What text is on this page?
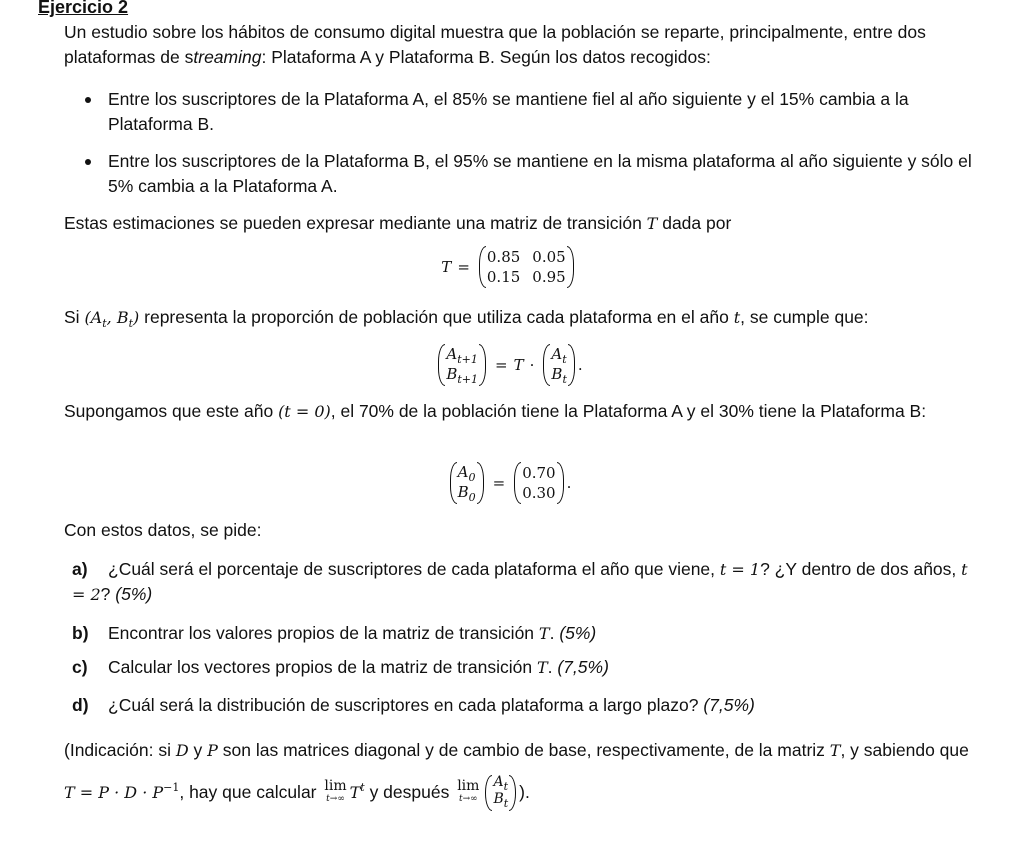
Ejercicio 2
Un estudio sobre los hábitos de consumo digital muestra que la población se reparte, principalmente, entre dos plataformas de streaming: Plataforma A y Plataforma B. Según los datos recogidos:
Entre los suscriptores de la Plataforma A, el 85% se mantiene fiel al año siguiente y el 15% cambia a la Plataforma B.
Entre los suscriptores de la Plataforma B, el 95% se mantiene en la misma plataforma al año siguiente y sólo el 5% cambia a la Plataforma A.
Estas estimaciones se pueden expresar mediante una matriz de transición T dada por
T =
0.85
0.15
0.05
0.95
Si ($A_t$, $B_t$) representa la proporción de población que utiliza cada plataforma en el año t, se cumple que:
$A_{t+1}$
$B_{t+1}$
= T ·
$A_t$
$B_t$
.
Supongamos que este año (t = 0), el 70% de la población tiene la Plataforma A y el 30% tiene la Plataforma B:
$A_0$
$B_0$
=
0.70
0.30
.
Con estos datos, se pide:
a) ¿Cuál será el porcentaje de suscriptores de cada plataforma el año que viene, t = 1? ¿Y dentro de dos años, t = 2? (5%)
b) Encontrar los valores propios de la matriz de transición T. (5%)
c) Calcular los vectores propios de la matriz de transición T. (7,5%)
d) ¿Cuál será la distribución de suscriptores en cada plataforma a largo plazo? (7,5%)
(Indicación: si D y P son las matrices diagonal y de cambio de base, respectivamente, de la matriz T, y sabiendo que $T = P \cdot D \cdot P^{-1}$, hay que calcular lim
t→∞ $T^t$ y después lim
t→∞
$A_t$
$B_t$
).
